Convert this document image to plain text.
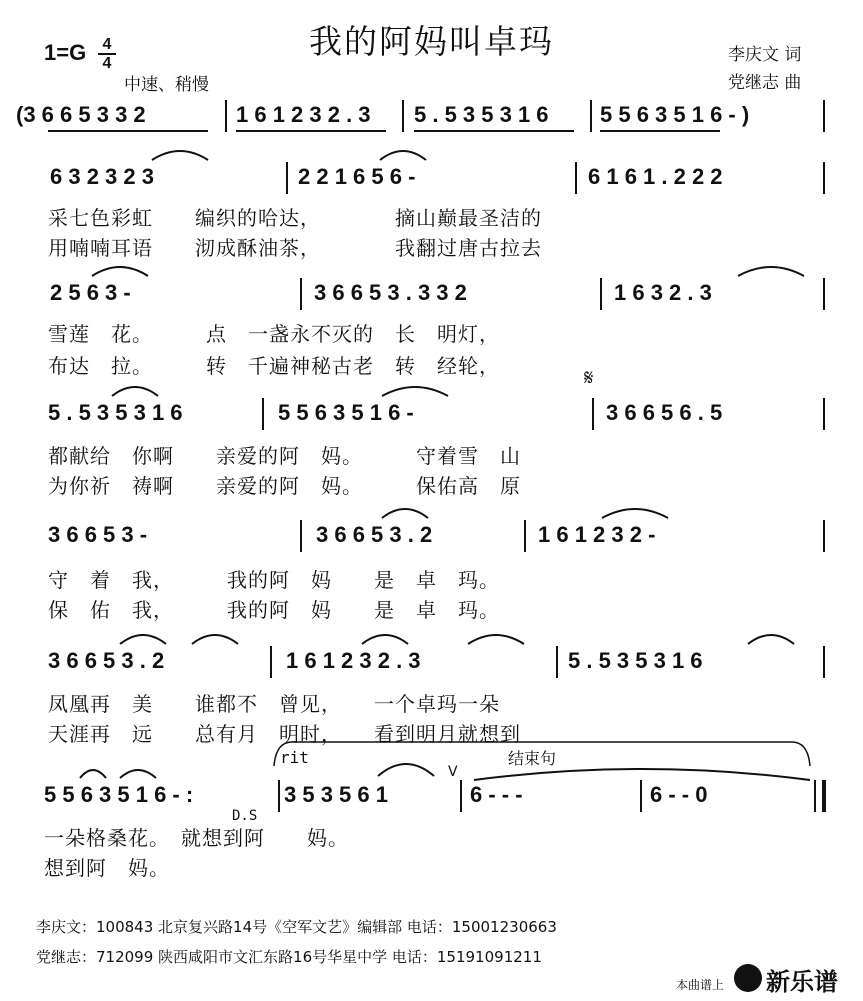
我的阿妈叫卓玛
1=G 4
4
中速、稍慢
李庆文 词
党继志 曲
(3 6 6 5 3 3 2	1 6 1 2 3 2 . 3 5 . 5 3 5 3 1 6 5 5 6 3 5 1 6 - )
6 3 2 3 2 3	2 2 1 6 5 6 -	6 1 6 1 . 2 2 2
采七色彩虹　　编织的哈达，　　　　摘山巅最圣洁的
用喃喃耳语　　沏成酥油茶，　　　　我翻过唐古拉去
2 5 6 3 -	3 6 6 5 3 . 3 3 2	1 6 3 2 . 3
雪莲　花。　　　点　一盏永不灭的　长　明灯，
布达　拉。　　　转　千遍神秘古老　转　经轮，	𝄋
5 . 5 3 5 3 1 6	5 5 6 3 5 1 6 -	3 6 6 5 6 . 5
都献给　你啊　　亲爱的阿　妈。　　　守着雪　山
为你祈　祷啊　　亲爱的阿　妈。　　　保佑高　原
3 6 6 5 3 -	3 6 6 5 3 . 2	1 6 1 2 3 2 -
守　着　我，　　　我的阿　妈　　是　卓　玛。
保　佑　我，　　　我的阿　妈　　是　卓　玛。
3 6 6 5 3 . 2	1 6 1 2 3 2 . 3	5 . 5 3 5 3 1 6
凤凰再　美　　谁都不　曾见，　　一个卓玛一朵
天涯再　远　　总有月　明时，　　看到明月就想到
rit	结束句
5 5 6 3 5 1 6 - :	3 5 3 5 6 1	6 - - -	6 - - 0
V
D.S
一朵格桑花。　就想到阿　　妈。
想到阿　妈。
李庆文：100843 北京复兴路14号《空军文艺》编辑部 电话：15001230663
党继志：712099 陕西咸阳市文汇东路16号华星中学 电话：15191091211
本曲谱上 新乐谱
